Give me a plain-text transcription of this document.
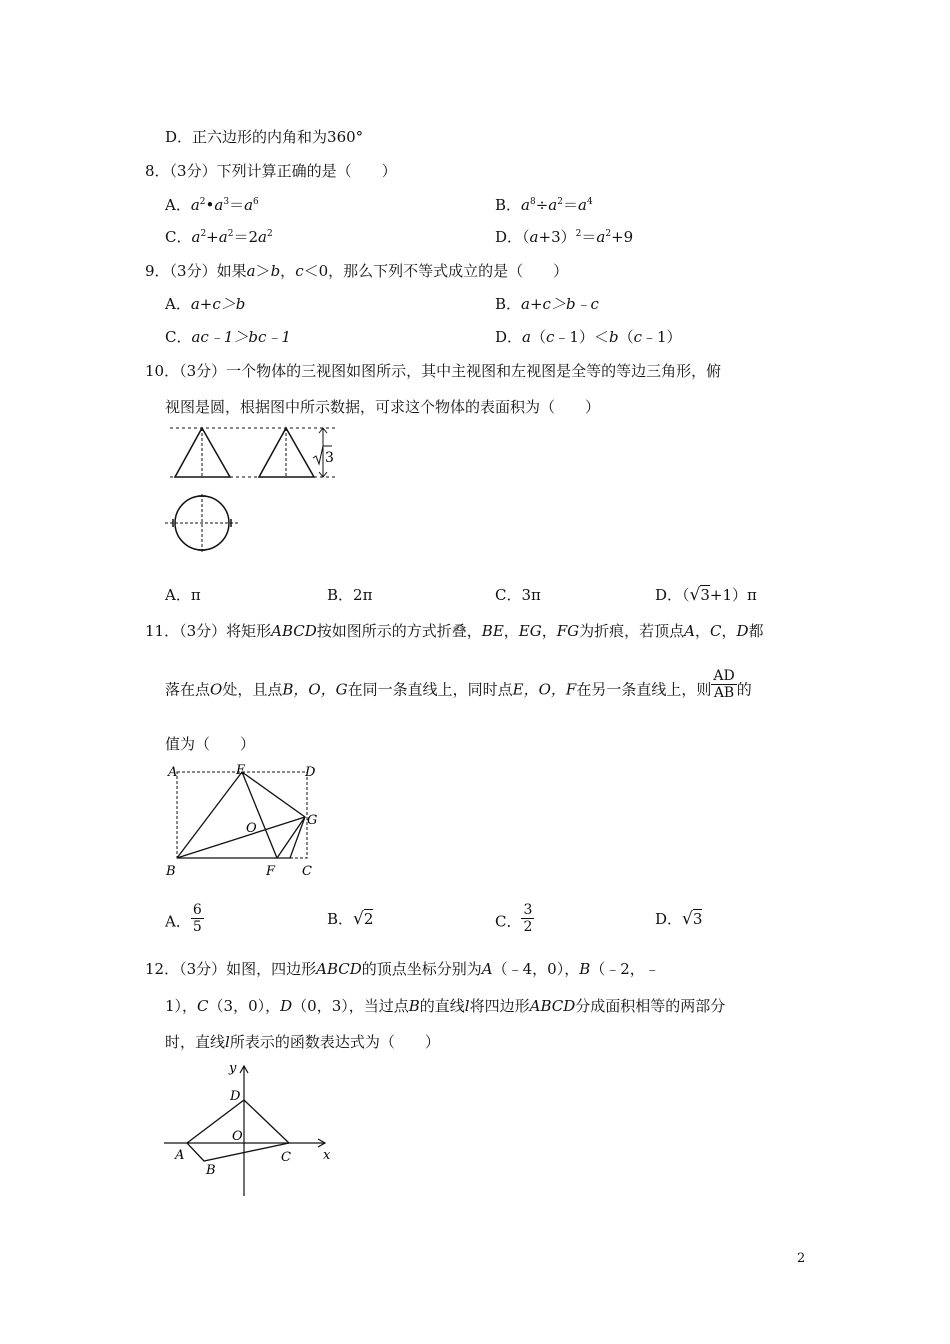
D．正六边形的内角和为360°
8．（3分）下列计算正确的是（　　）
A．$a^2•a^3=a^6$	B．$a^8\div a^2=a^4$
C．$a^2+a^2=2a^2$	D．$(a+3)^2=a^2+9$
9．（3分）如果a＞b，c＜0，那么下列不等式成立的是（　　）
A．a+c＞b	B．a+c＞b﹣c
C．ac﹣1＞bc﹣1	D．a（c﹣1）＜b（c﹣1）
10．（3分）一个物体的三视图如图所示，其中主视图和左视图是全等的等边三角形，俯
视图是圆，根据图中所示数据，可求这个物体的表面积为（　　）
3
A．π	B．2π	C．3π	D．（√3+1）π
11．（3分）将矩形ABCD按如图所示的方式折叠，BE，EG，FG为折痕，若顶点A，C，D都
落在点O处，且点B，O，G在同一条直线上，同时点E，O，F在另一条直线上，则 $\frac{AD}{AB}$ 的
值为（　　）
A	E	D
O
G
B	F C
A． $\frac{6}{5}$	B．√2	C． $\frac{3}{2}$	D．√3
12．（3分）如图，四边形ABCD的顶点坐标分别为A（﹣4，0），B（﹣2，﹣
1），C（3，0），D（0，3），当过点B的直线l将四边形ABCD分成面积相等的两部分
时，直线l所表示的函数表达式为（　　）
y
x
D
O
A
B
C
2
